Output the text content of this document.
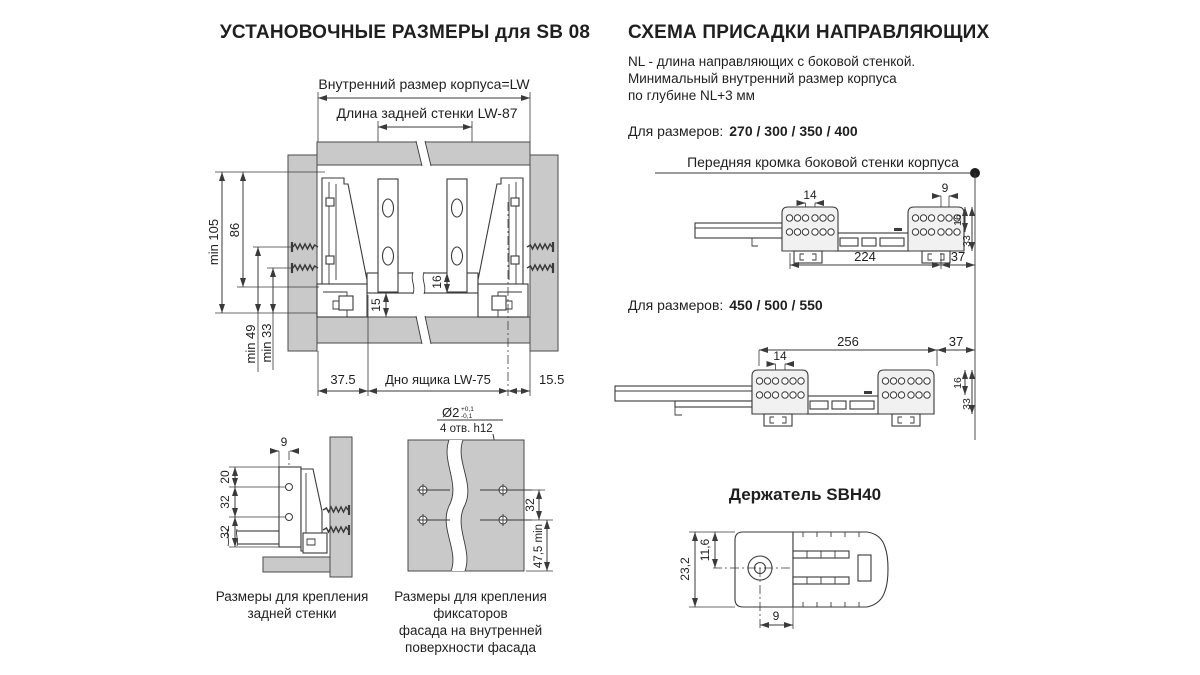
УСТАНОВОЧНЫЕ РАЗМЕРЫ для SB 08	СХЕМА ПРИСАДКИ НАПРАВЛЯЮЩИХ
NL - длина направляющих с боковой стенкой.
Минимальный внутренний размер корпуса
по глубине NL+3 мм
Для размеров: 270 / 300 / 350 / 400
Для размеров: 450 / 500 / 550
Держатель SBH40
Размеры для крепления
задней стенки
Размеры для крепления фиксаторов
фасада на внутренней
поверхности фасада
Внутренний размер корпуса=LW
Длина задней стенки LW-87
min 105 86
min 49 min 33
15
16
37.5 Дно ящика LW-75	15.5
9
20
32
32
Ø2 +0,1
-0,1
4 отв. h12
32
47,5 min
Передняя кромка боковой стенки корпуса
14	9
16
33
224	37
256	37
14
16
33
23,2
11,6
9
